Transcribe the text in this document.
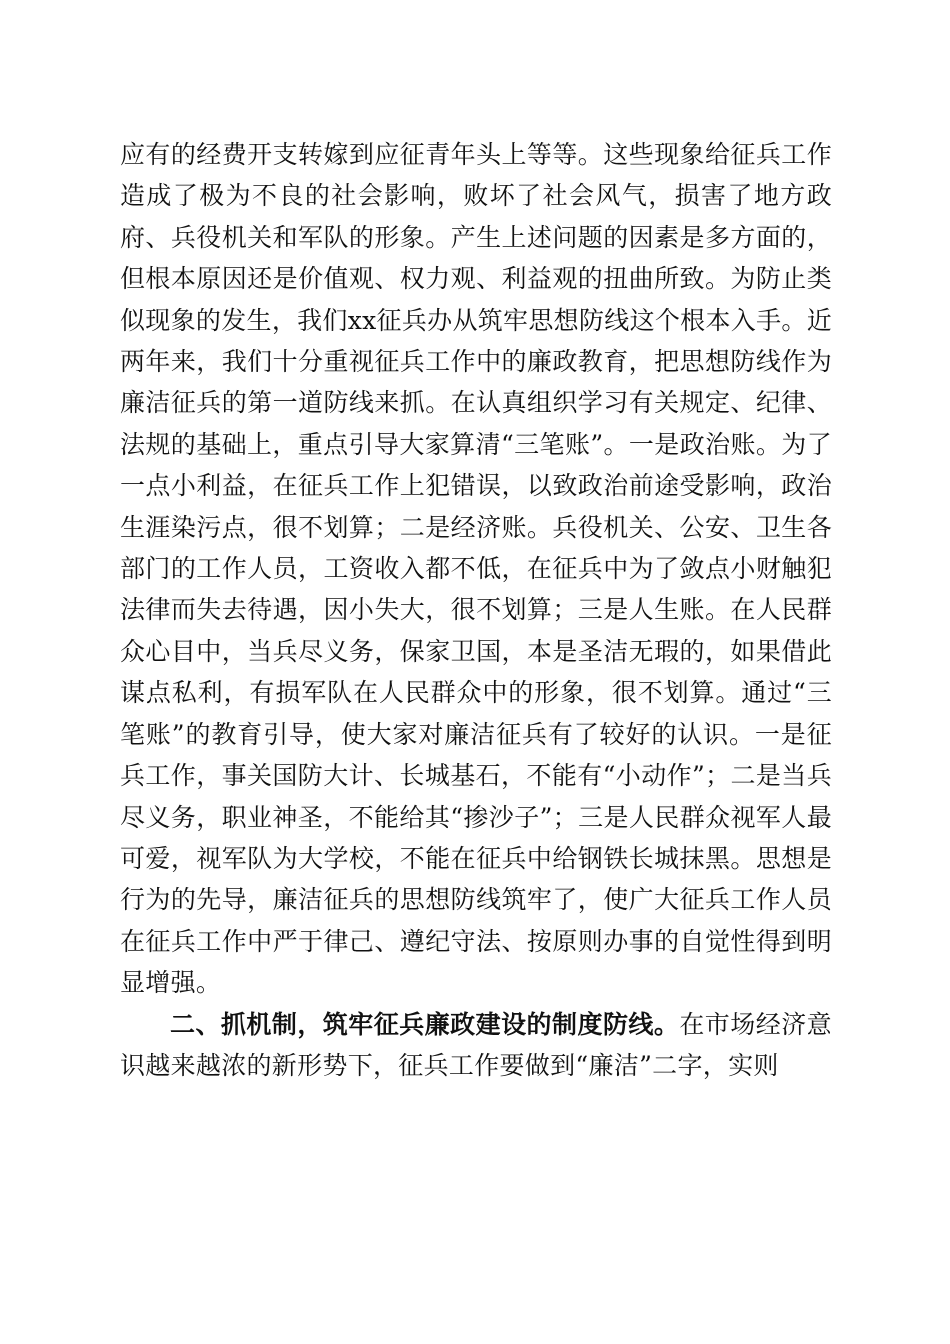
应有的经费开支转嫁到应征青年头上等等。这些现象给征兵工作造成了极为不良的社会影响，败坏了社会风气，损害了地方政府、兵役机关和军队的形象。产生上述问题的因素是多方面的，但根本原因还是价值观、权力观、利益观的扭曲所致。为防止类似现象的发生，我们xx征兵办从筑牢思想防线这个根本入手。近两年来，我们十分重视征兵工作中的廉政教育，把思想防线作为廉洁征兵的第一道防线来抓。在认真组织学习有关规定、纪律、法规的基础上，重点引导大家算清“三笔账”。一是政治账。为了一点小利益，在征兵工作上犯错误，以致政治前途受影响，政治生涯染污点，很不划算；二是经济账。兵役机关、公安、卫生各部门的工作人员，工资收入都不低，在征兵中为了敛点小财触犯法律而失去待遇，因小失大，很不划算；三是人生账。在人民群众心目中，当兵尽义务，保家卫国，本是圣洁无瑕的，如果借此谋点私利，有损军队在人民群众中的形象，很不划算。通过“三笔账”的教育引导，使大家对廉洁征兵有了较好的认识。一是征兵工作，事关国防大计、长城基石，不能有“小动作”；二是当兵尽义务，职业神圣，不能给其“掺沙子”；三是人民群众视军人最可爱，视军队为大学校，不能在征兵中给钢铁长城抹黑。思想是行为的先导，廉洁征兵的思想防线筑牢了，使广大征兵工作人员在征兵工作中严于律己、遵纪守法、按原则办事的自觉性得到明显增强。

二、抓机制，筑牢征兵廉政建设的制度防线。在市场经济意识越来越浓的新形势下，征兵工作要做到“廉洁”二字，实则
